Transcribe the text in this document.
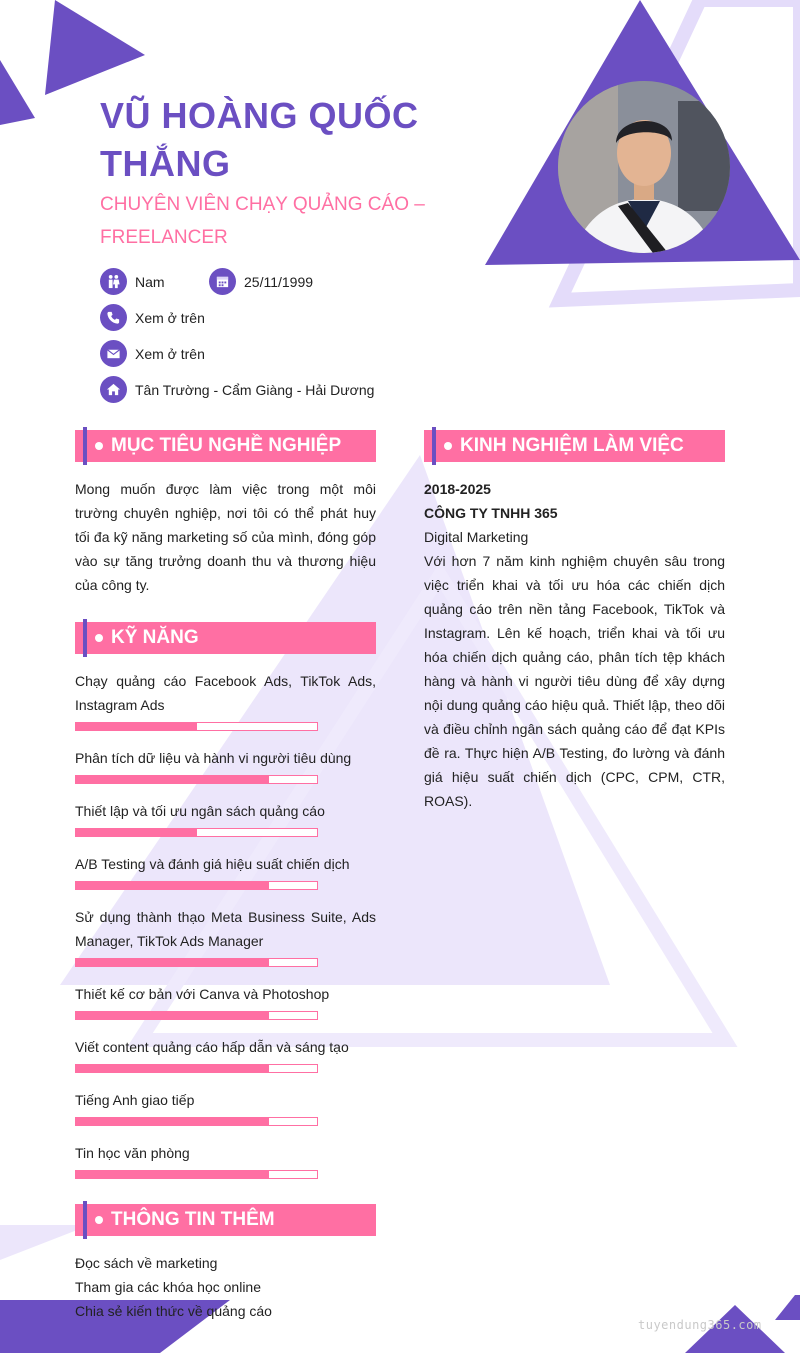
VŨ HOÀNG QUỐC THẮNG

CHUYÊN VIÊN CHẠY QUẢNG CÁO – FREELANCER

Nam	25/11/1999
Xem ở trên
Xem ở trên
Tân Trường - Cẩm Giàng - Hải Dương
MỤC TIÊU NGHỀ NGHIỆP

Mong muốn được làm việc trong một môi trường chuyên nghiệp, nơi tôi có thể phát huy tối đa kỹ năng marketing số của mình, đóng góp vào sự tăng trưởng doanh thu và thương hiệu của công ty.

KỸ NĂNG
Chạy quảng cáo Facebook Ads, TikTok Ads, Instagram Ads
Phân tích dữ liệu và hành vi người tiêu dùng
Thiết lập và tối ưu ngân sách quảng cáo
A/B Testing và đánh giá hiệu suất chiến dịch
Sử dụng thành thạo Meta Business Suite, Ads Manager, TikTok Ads Manager
Thiết kế cơ bản với Canva và Photoshop
Viết content quảng cáo hấp dẫn và sáng tạo
Tiếng Anh giao tiếp
Tin học văn phòng
THÔNG TIN THÊM
Đọc sách về marketing
Tham gia các khóa học online
Chia sẻ kiến thức về quảng cáo
KINH NGHIỆM LÀM VIỆC
2018-2025
CÔNG TY TNHH 365
Digital Marketing

Với hơn 7 năm kinh nghiệm chuyên sâu trong việc triển khai và tối ưu hóa các chiến dịch quảng cáo trên nền tảng Facebook, TikTok và Instagram. Lên kế hoạch, triển khai và tối ưu hóa chiến dịch quảng cáo, phân tích tệp khách hàng và hành vi người tiêu dùng để xây dựng nội dung quảng cáo hiệu quả. Thiết lập, theo dõi và điều chỉnh ngân sách quảng cáo để đạt KPIs đề ra. Thực hiện A/B Testing, đo lường và đánh giá hiệu suất chiến dịch (CPC, CPM, CTR, ROAS).

tuyendung365.com
